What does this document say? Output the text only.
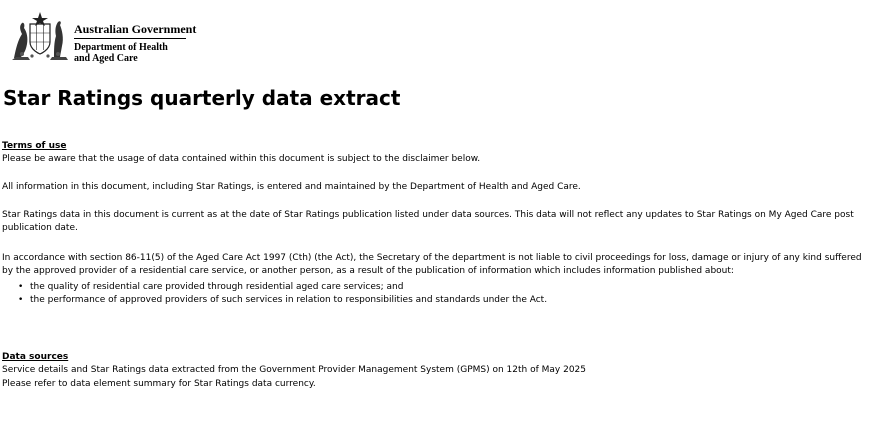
Australian Government
Department of Health
and Aged Care
Star Ratings quarterly data extract

Terms of use

Please be aware that the usage of data contained within this document is subject to the disclaimer below.

All information in this document, including Star Ratings, is entered and maintained by the Department of Health and Aged Care.

Star Ratings data in this document is current as at the date of Star Ratings publication listed under data sources. This data will not reflect any updates to Star Ratings on My Aged Care post publication date.

In accordance with section 86-11(5) of the Aged Care Act 1997 (Cth) (the Act), the Secretary of the department is not liable to civil proceedings for loss, damage or injury of any kind suffered by the approved provider of a residential care service, or another person, as a result of the publication of information which includes information published about:

• the quality of residential care provided through residential aged care services; and
• the performance of approved providers of such services in relation to responsibilities and standards under the Act.

Data sources

Service details and Star Ratings data extracted from the Government Provider Management System (GPMS) on 12th of May 2025

Please refer to data element summary for Star Ratings data currency.
